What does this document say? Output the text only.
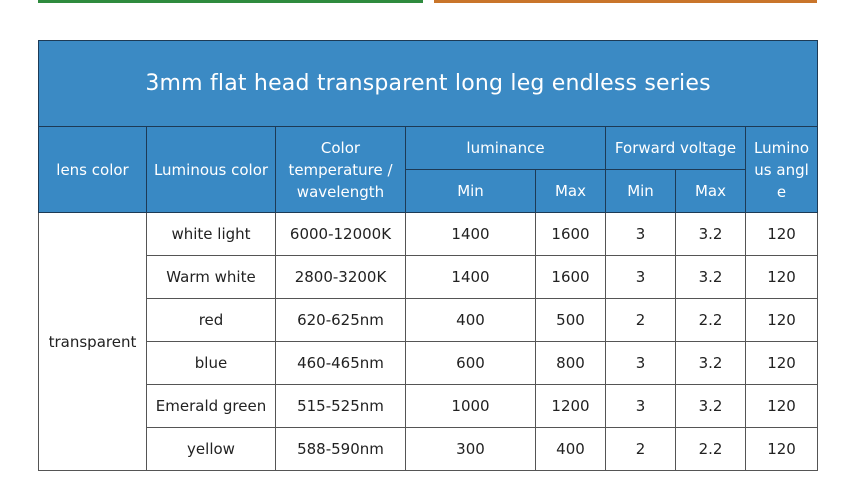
3mm flat head transparent long leg endless series							
lens color	Luminous color	Color temperature / wavelength	luminance		Forward voltage		Lumino us angle
			Min	Max	Min	Max	
transparent	white light	6000-12000K	1400	1600	3	3.2	120
	Warm white	2800-3200K	1400	1600	3	3.2	120
	red	620-625nm	400	500	2	2.2	120
	blue	460-465nm	600	800	3	3.2	120
	Emerald green	515-525nm	1000	1200	3	3.2	120
	yellow	588-590nm	300	400	2	2.2	120
